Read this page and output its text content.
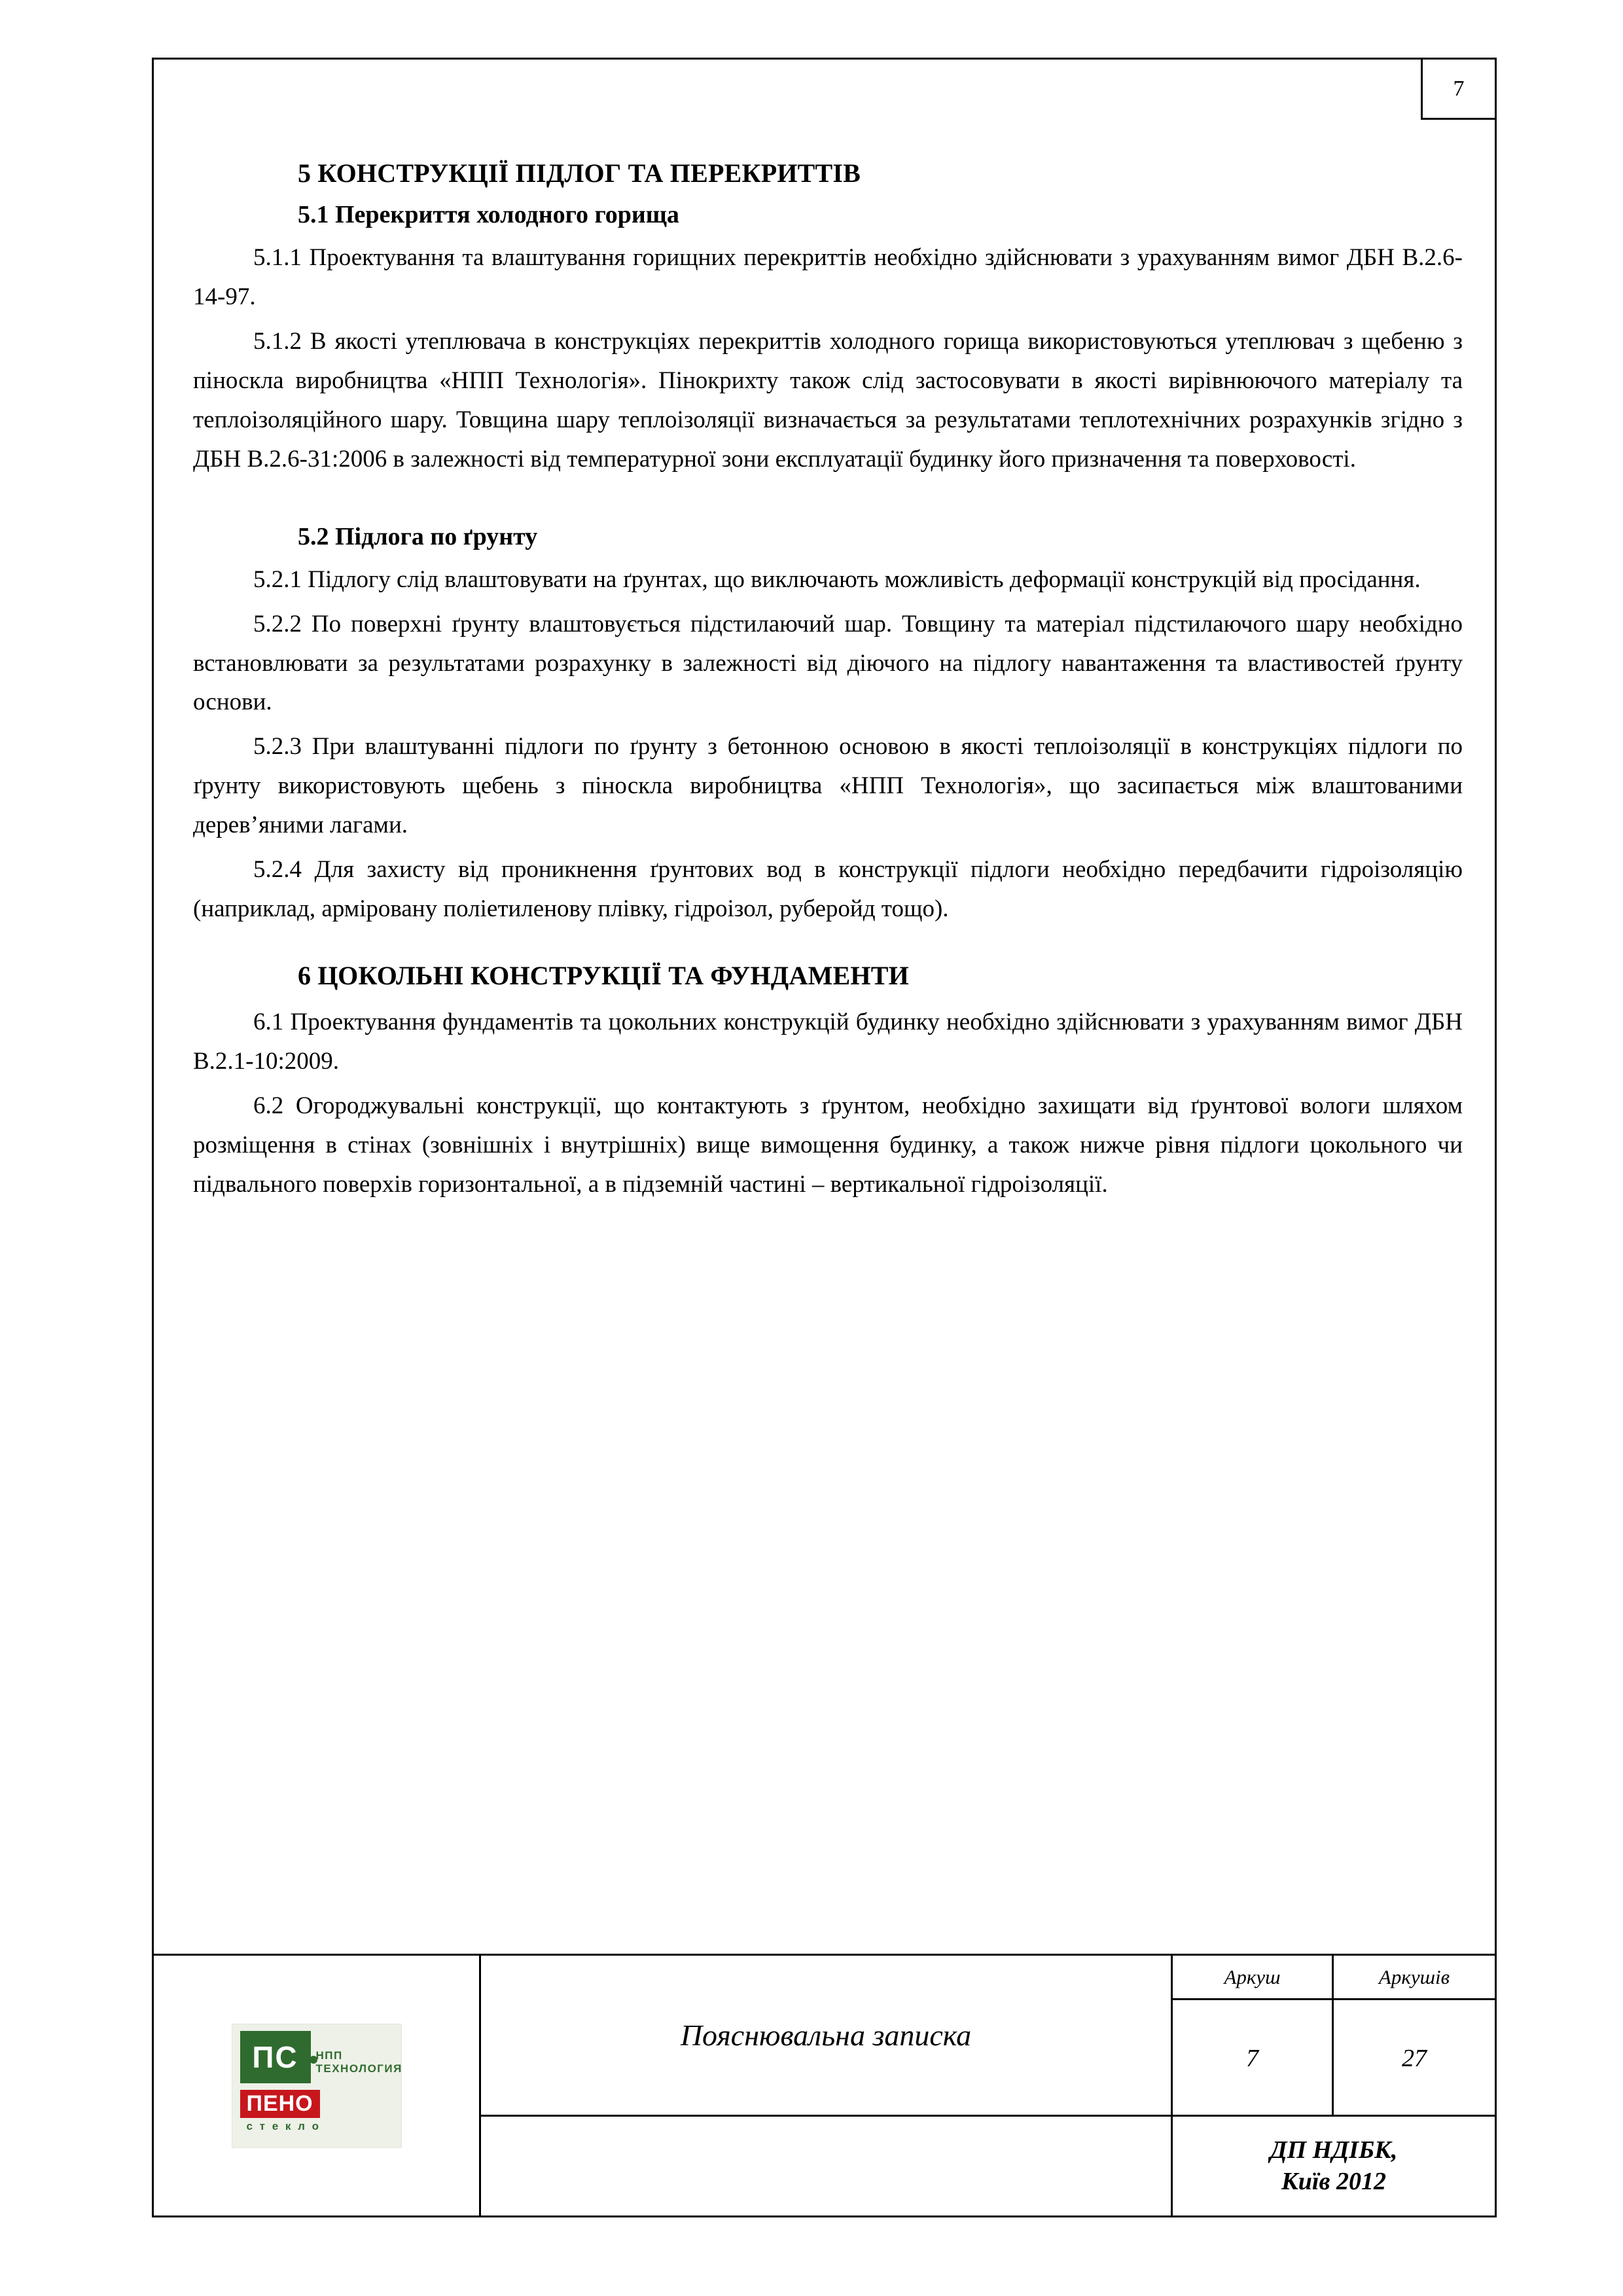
7
5 КОНСТРУКЦІЇ ПІДЛОГ ТА ПЕРЕКРИТТІВ
5.1 Перекриття холодного горища

5.1.1 Проектування та влаштування горищних перекриттів необхідно здійснювати з урахуванням вимог ДБН В.2.6-14-97.

5.1.2 В якості утеплювача в конструкціях перекриттів холодного горища використовуються утеплювач з щебеню з піноскла виробництва «НПП Технологія». Пінокрихту також слід застосовувати в якості вирівнюючого матеріалу та теплоізоляційного шару. Товщина шару теплоізоляції визначається за результатами теплотехнічних розрахунків згідно з ДБН В.2.6-31:2006 в залежності від температурної зони експлуатації будинку його призначення та поверховості.

5.2 Підлога по ґрунту

5.2.1 Підлогу слід влаштовувати на ґрунтах, що виключають можливість деформації конструкцій від просідання.

5.2.2 По поверхні ґрунту влаштовується підстилаючий шар. Товщину та матеріал підстилаючого шару необхідно встановлювати за результатами розрахунку в залежності від діючого на підлогу навантаження та властивостей ґрунту основи.

5.2.3 При влаштуванні підлоги по ґрунту з бетонною основою в якості теплоізоляції в конструкціях підлоги по ґрунту використовують щебень з піноскла виробництва «НПП Технологія», що засипається між влаштованими дерев’яними лагами.

5.2.4 Для захисту від проникнення ґрунтових вод в конструкції підлоги необхідно передбачити гідроізоляцію (наприклад, арміровану поліетиленову плівку, гідроізол, руберойд тощо).

6 ЦОКОЛЬНІ КОНСТРУКЦІЇ ТА ФУНДАМЕНТИ

6.1 Проектування фундаментів та цокольних конструкцій будинку необхідно здійснювати з урахуванням вимог ДБН В.2.1-10:2009.

6.2 Огороджувальні конструкції, що контактують з ґрунтом, необхідно захищати від ґрунтової вологи шляхом розміщення в стінах (зовнішніх і внутрішніх) вище вимощення будинку, а також нижче рівня підлоги цокольного чи підвального поверхів горизонтальної, а в підземній частині – вертикальної гідроізоляції.

ПС	НПП ТЕХНОЛОГИЯ
ПЕНО
с т е к л о
Пояснювальна записка
Аркуш	Аркушів
7	27
ДП НДІБК,
Київ 2012
